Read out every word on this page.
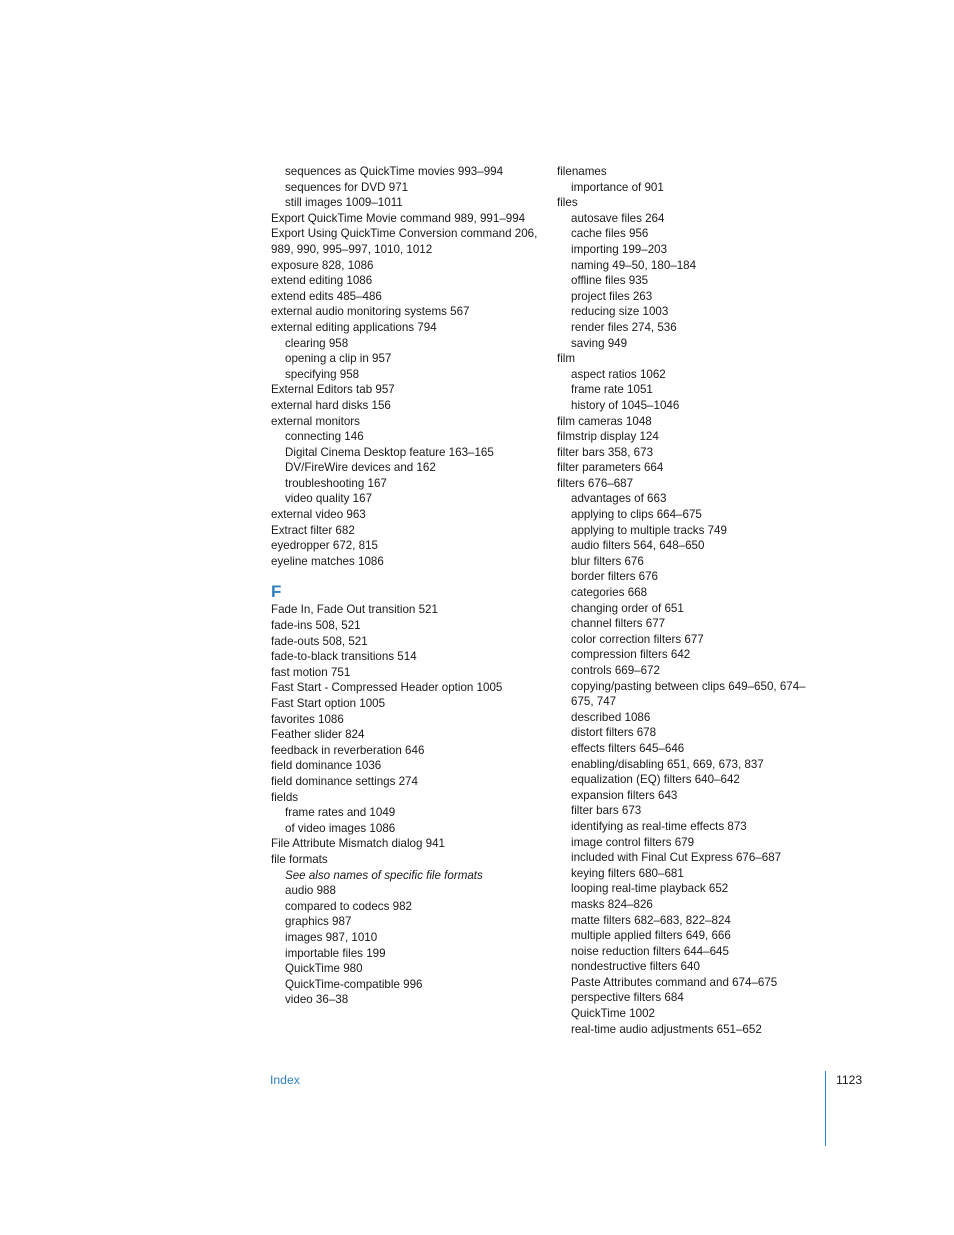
sequences as QuickTime movies 993–994
sequences for DVD 971
still images 1009–1011
Export QuickTime Movie command 989, 991–994
Export Using QuickTime Conversion command 206, 989, 990, 995–997, 1010, 1012
exposure 828, 1086
extend editing 1086
extend edits 485–486
external audio monitoring systems 567
external editing applications 794
clearing 958
opening a clip in 957
specifying 958
External Editors tab 957
external hard disks 156
external monitors
connecting 146
Digital Cinema Desktop feature 163–165
DV/FireWire devices and 162
troubleshooting 167
video quality 167
external video 963
Extract filter 682
eyedropper 672, 815
eyeline matches 1086
F
Fade In, Fade Out transition 521
fade-ins 508, 521
fade-outs 508, 521
fade-to-black transitions 514
fast motion 751
Fast Start - Compressed Header option 1005
Fast Start option 1005
favorites 1086
Feather slider 824
feedback in reverberation 646
field dominance 1036
field dominance settings 274
fields
frame rates and 1049
of video images 1086
File Attribute Mismatch dialog 941
file formats
See also names of specific file formats
audio 988
compared to codecs 982
graphics 987
images 987, 1010
importable files 199
QuickTime 980
QuickTime-compatible 996
video 36–38
filenames
importance of 901
files
autosave files 264
cache files 956
importing 199–203
naming 49–50, 180–184
offline files 935
project files 263
reducing size 1003
render files 274, 536
saving 949
film
aspect ratios 1062
frame rate 1051
history of 1045–1046
film cameras 1048
filmstrip display 124
filter bars 358, 673
filter parameters 664
filters 676–687
advantages of 663
applying to clips 664–675
applying to multiple tracks 749
audio filters 564, 648–650
blur filters 676
border filters 676
categories 668
changing order of 651
channel filters 677
color correction filters 677
compression filters 642
controls 669–672
copying/pasting between clips 649–650, 674–675, 747
described 1086
distort filters 678
effects filters 645–646
enabling/disabling 651, 669, 673, 837
equalization (EQ) filters 640–642
expansion filters 643
filter bars 673
identifying as real-time effects 873
image control filters 679
included with Final Cut Express 676–687
keying filters 680–681
looping real-time playback 652
masks 824–826
matte filters 682–683, 822–824
multiple applied filters 649, 666
noise reduction filters 644–645
nondestructive filters 640
Paste Attributes command and 674–675
perspective filters 684
QuickTime 1002
real-time audio adjustments 651–652
Index	1123
